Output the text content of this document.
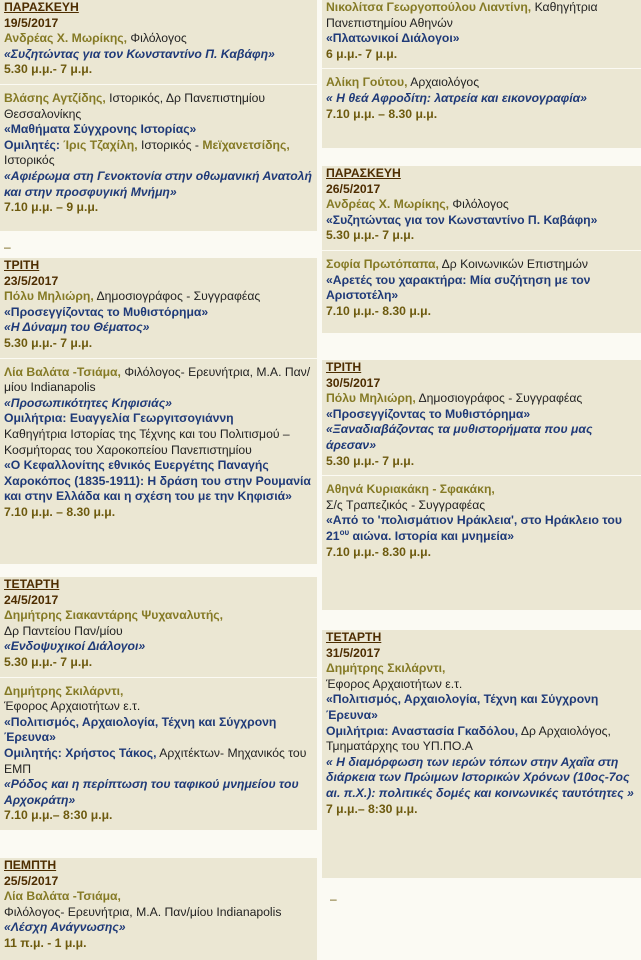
ΠΑΡΑΣΚΕΥΗ
19/5/2017
Ανδρέας Χ. Μωρίκης, Φιλόλογος
«Συζητώντας για τον Κωνσταντίνο Π. Καβάφη»
5.30 μ.μ.- 7 μ.μ.
Βλάσης Αγτζίδης, Ιστορικός, Δρ Πανεπιστημίου Θεσσαλονίκης
«Μαθήματα Σύγχρονης Ιστορίας»
Ομιλητές: Ίρις Τζαχίλη, Ιστορικός - Μεϊχανετσίδης, Ιστορικός
«Αφιέρωμα στη Γενοκτονία στην οθωμανική Ανατολή και στην προσφυγική Μνήμη»
7.10 μ.μ. – 9 μ.μ.
–
ΤΡΙΤΗ
23/5/2017
Πόλυ Μηλιώρη, Δημοσιογράφος - Συγγραφέας
«Προσεγγίζοντας το Μυθιστόρημα»
«Η Δύναμη του Θέματος»
5.30 μ.μ.- 7 μ.μ.
Λία Βαλάτα -Τσιάμα, Φιλόλογος- Ερευνήτρια, Μ.Α. Παν/μίου Indianapolis
«Προσωπικότητες Κηφισιάς»
Ομιλήτρια: Ευαγγελία Γεωργιτσογιάννη
Καθηγήτρια Ιστορίας της Τέχνης και του Πολιτισμού – Κοσμήτορας του Χαροκοπείου Πανεπιστημίου
«Ο Κεφαλλονίτης εθνικός Ευεργέτης Παναγής Χαροκόπος (1835-1911): Η δράση του στην Ρουμανία και στην Ελλάδα και η σχέση του με την Κηφισιά»
7.10 μ.μ. – 8.30 μ.μ.
ΤΕΤΑΡΤΗ
24/5/2017
Δημήτρης Σιακαντάρης Ψυχαναλυτής,
Δρ Παντείου Παν/μίου
«Ενδοψυχικοί Διάλογοι»
5.30 μ.μ.- 7 μ.μ.
Δημήτρης Σκιλάρντι,
Έφορος Αρχαιοτήτων ε.τ.
«Πολιτισμός, Αρχαιολογία, Τέχνη και Σύγχρονη Έρευνα»
Ομιλητής: Χρήστος Τάκος, Αρχιτέκτων- Μηχανικός του ΕΜΠ
«Ρόδος και η περίπτωση του ταφικού μνημείου του Αρχοκράτη»
7.10 μ.μ.– 8:30 μ.μ.
ΠΕΜΠΤΗ
25/5/2017
Λία Βαλάτα -Τσιάμα,
Φιλόλογος- Ερευνήτρια, Μ.Α. Παν/μίου Indianapolis
«Λέσχη Ανάγνωσης»
11 π.μ. - 1 μ.μ.
Νικολίτσα Γεωργοπούλου Λιαντίνη, Καθηγήτρια Πανεπιστημίου Αθηνών
«Πλατωνικοί Διάλογοι»
6 μ.μ.- 7 μ.μ.
Αλίκη Γούτου, Αρχαιολόγος
« Η θεά Αφροδίτη: λατρεία και εικονογραφία»
7.10 μ.μ. – 8.30 μ.μ.
ΠΑΡΑΣΚΕΥΗ
26/5/2017
Ανδρέας Χ. Μωρίκης, Φιλόλογος
«Συζητώντας για τον Κωνσταντίνο Π. Καβάφη»
5.30 μ.μ.- 7 μ.μ.
Σοφία Πρωτόπαπα, Δρ Κοινωνικών Επιστημών
«Αρετές του χαρακτήρα: Μία συζήτηση με τον Αριστοτέλη»
7.10 μ.μ.- 8.30 μ.μ.
ΤΡΙΤΗ
30/5/2017
Πόλυ Μηλιώρη, Δημοσιογράφος - Συγγραφέας
«Προσεγγίζοντας το Μυθιστόρημα»
«Ξαναδιαβάζοντας τα μυθιστορήματα που μας άρεσαν»
5.30 μ.μ.- 7 μ.μ.
Αθηνά Κυριακάκη - Σφακάκη,
Σ/ς Τραπεζικός - Συγγραφέας
«Από το 'πολισμάτιον Ηράκλεια', στο Ηράκλειο του $21^{o\upsilon}$ αιώνα. Ιστορία και μνημεία»
7.10 μ.μ.- 8.30 μ.μ.
ΤΕΤΑΡΤΗ
31/5/2017
Δημήτρης Σκιλάρντι,
Έφορος Αρχαιοτήτων ε.τ.
«Πολιτισμός, Αρχαιολογία, Τέχνη και Σύγχρονη Έρευνα»
Ομιλήτρια: Αναστασία Γκαδόλου, Δρ Αρχαιολόγος, Τμηματάρχης του ΥΠ.ΠΟ.Α
« Η διαμόρφωση των ιερών τόπων στην Αχαΐα στη διάρκεια των Πρώιμων Ιστορικών Χρόνων (10ος-7ος αι. π.Χ.): πολιτικές δομές και κοινωνικές ταυτότητες »
7 μ.μ.– 8:30 μ.μ.
–
